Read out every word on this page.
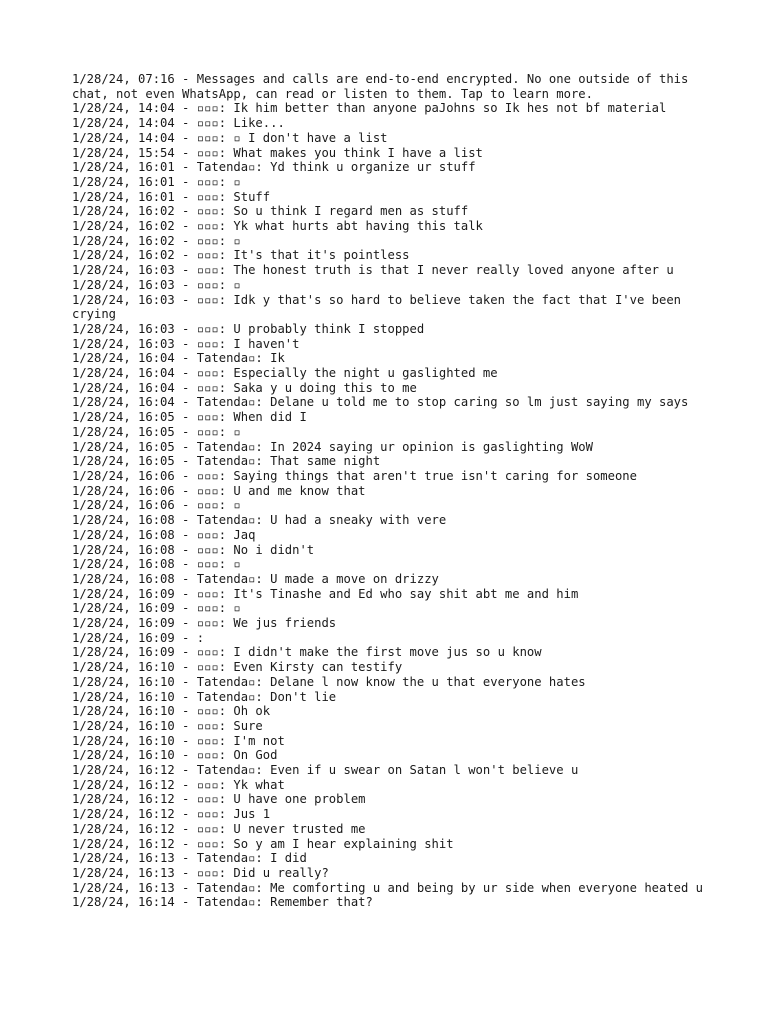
1/28/24, 07:16 - Messages and calls are end-to-end encrypted. No one outside of this chat, not even WhatsApp, can read or listen to them. Tap to learn more.
1/28/24, 14:04 - ▫▫▫: Ik him better than anyone paJohns so Ik hes not bf material
1/28/24, 14:04 - ▫▫▫: Like...
1/28/24, 14:04 - ▫▫▫: ▫ I don't have a list
1/28/24, 15:54 - ▫▫▫: What makes you think I have a list
1/28/24, 16:01 - Tatenda▫: Yd think u organize ur stuff
1/28/24, 16:01 - ▫▫▫: ▫
1/28/24, 16:01 - ▫▫▫: Stuff
1/28/24, 16:02 - ▫▫▫: So u think I regard men as stuff
1/28/24, 16:02 - ▫▫▫: Yk what hurts abt having this talk
1/28/24, 16:02 - ▫▫▫: ▫
1/28/24, 16:02 - ▫▫▫: It's that it's pointless
1/28/24, 16:03 - ▫▫▫: The honest truth is that I never really loved anyone after u
1/28/24, 16:03 - ▫▫▫: ▫
1/28/24, 16:03 - ▫▫▫: Idk y that's so hard to believe taken the fact that I've been crying
1/28/24, 16:03 - ▫▫▫: U probably think I stopped
1/28/24, 16:03 - ▫▫▫: I haven't
1/28/24, 16:04 - Tatenda▫: Ik
1/28/24, 16:04 - ▫▫▫: Especially the night u gaslighted me
1/28/24, 16:04 - ▫▫▫: Saka y u doing this to me
1/28/24, 16:04 - Tatenda▫: Delane u told me to stop caring so lm just saying my says
1/28/24, 16:05 - ▫▫▫: When did I
1/28/24, 16:05 - ▫▫▫: ▫
1/28/24, 16:05 - Tatenda▫: In 2024 saying ur opinion is gaslighting WoW
1/28/24, 16:05 - Tatenda▫: That same night
1/28/24, 16:06 - ▫▫▫: Saying things that aren't true isn't caring for someone
1/28/24, 16:06 - ▫▫▫: U and me know that
1/28/24, 16:06 - ▫▫▫: ▫
1/28/24, 16:08 - Tatenda▫: U had a sneaky with vere
1/28/24, 16:08 - ▫▫▫: Jaq
1/28/24, 16:08 - ▫▫▫: No i didn't
1/28/24, 16:08 - ▫▫▫: ▫
1/28/24, 16:08 - Tatenda▫: U made a move on drizzy
1/28/24, 16:09 - ▫▫▫: It's Tinashe and Ed who say shit abt me and him
1/28/24, 16:09 - ▫▫▫: ▫
1/28/24, 16:09 - ▫▫▫: We jus friends
1/28/24, 16:09 - :
1/28/24, 16:09 - ▫▫▫: I didn't make the first move jus so u know
1/28/24, 16:10 - ▫▫▫: Even Kirsty can testify
1/28/24, 16:10 - Tatenda▫: Delane l now know the u that everyone hates
1/28/24, 16:10 - Tatenda▫: Don't lie
1/28/24, 16:10 - ▫▫▫: Oh ok
1/28/24, 16:10 - ▫▫▫: Sure
1/28/24, 16:10 - ▫▫▫: I'm not
1/28/24, 16:10 - ▫▫▫: On God
1/28/24, 16:12 - Tatenda▫: Even if u swear on Satan l won't believe u
1/28/24, 16:12 - ▫▫▫: Yk what
1/28/24, 16:12 - ▫▫▫: U have one problem
1/28/24, 16:12 - ▫▫▫: Jus 1
1/28/24, 16:12 - ▫▫▫: U never trusted me
1/28/24, 16:12 - ▫▫▫: So y am I hear explaining shit
1/28/24, 16:13 - Tatenda▫: I did
1/28/24, 16:13 - ▫▫▫: Did u really?
1/28/24, 16:13 - Tatenda▫: Me comforting u and being by ur side when everyone heated u
1/28/24, 16:14 - Tatenda▫: Remember that?
